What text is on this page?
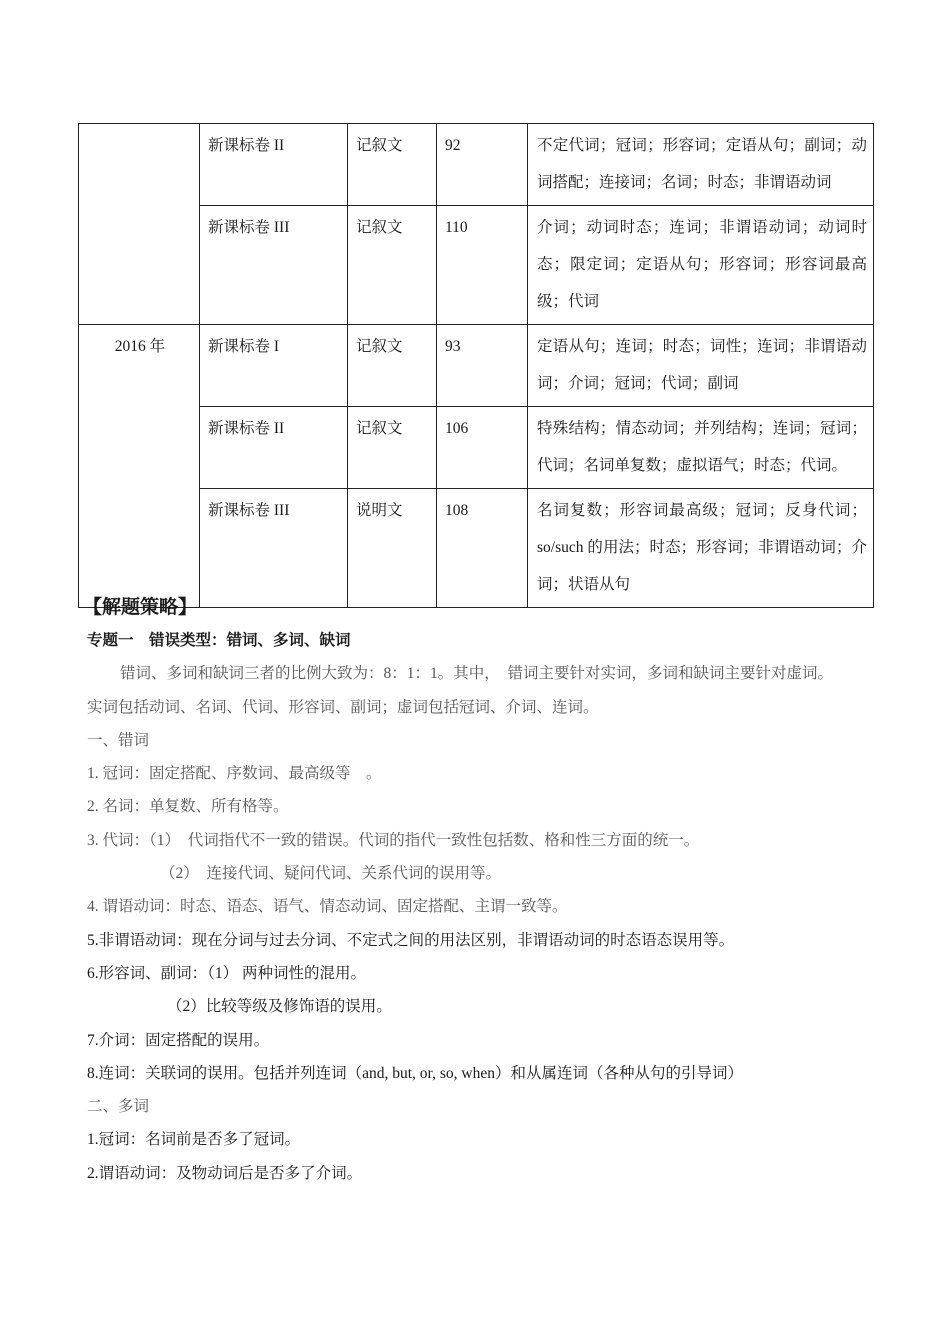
	新课标卷 II	记叙文	92	不定代词；冠词；形容词；定语从句；副词；动词搭配；连接词；名词；时态；非谓语动词
	新课标卷 III	记叙文	110	介词；动词时态；连词；非谓语动词；动词时态；限定词；定语从句；形容词；形容词最高级；代词
2016 年	新课标卷 I	记叙文	93	定语从句；连词；时态；词性；连词；非谓语动词；介词；冠词；代词；副词
	新课标卷 II	记叙文	106	特殊结构；情态动词；并列结构；连词；冠词；代词；名词单复数；虚拟语气；时态；代词。
	新课标卷 III	说明文	108	名词复数；形容词最高级；冠词；反身代词；so/such 的用法；时态；形容词；非谓语动词；介词；状语从句
【解题策略】
专题一　错误类型：错词、多词、缺词
错词、多词和缺词三者的比例大致为：8：1：1。其中，　错词主要针对实词，多词和缺词主要针对虚词。
实词包括动词、名词、代词、形容词、副词；虚词包括冠词、介词、连词。
一、错词
1. 冠词：固定搭配、序数词、最高级等　。
2. 名词：单复数、所有格等。
3. 代词：（1）　代词指代不一致的错误。代词的指代一致性包括数、格和性三方面的统一。
（2）　连接代词、疑问代词、关系代词的误用等。
4. 谓语动词：时态、语态、语气、情态动词、固定搭配、主谓一致等。
5.非谓语动词：现在分词与过去分词、不定式之间的用法区别，非谓语动词的时态语态误用等。
6.形容词、副词：（1） 两种词性的混用。
（2）比较等级及修饰语的误用。
7.介词：固定搭配的误用。
8.连词：关联词的误用。包括并列连词（and, but, or, so, when）和从属连词（各种从句的引导词）
二、多词
1.冠词：名词前是否多了冠词。
2.谓语动词：及物动词后是否多了介词。
